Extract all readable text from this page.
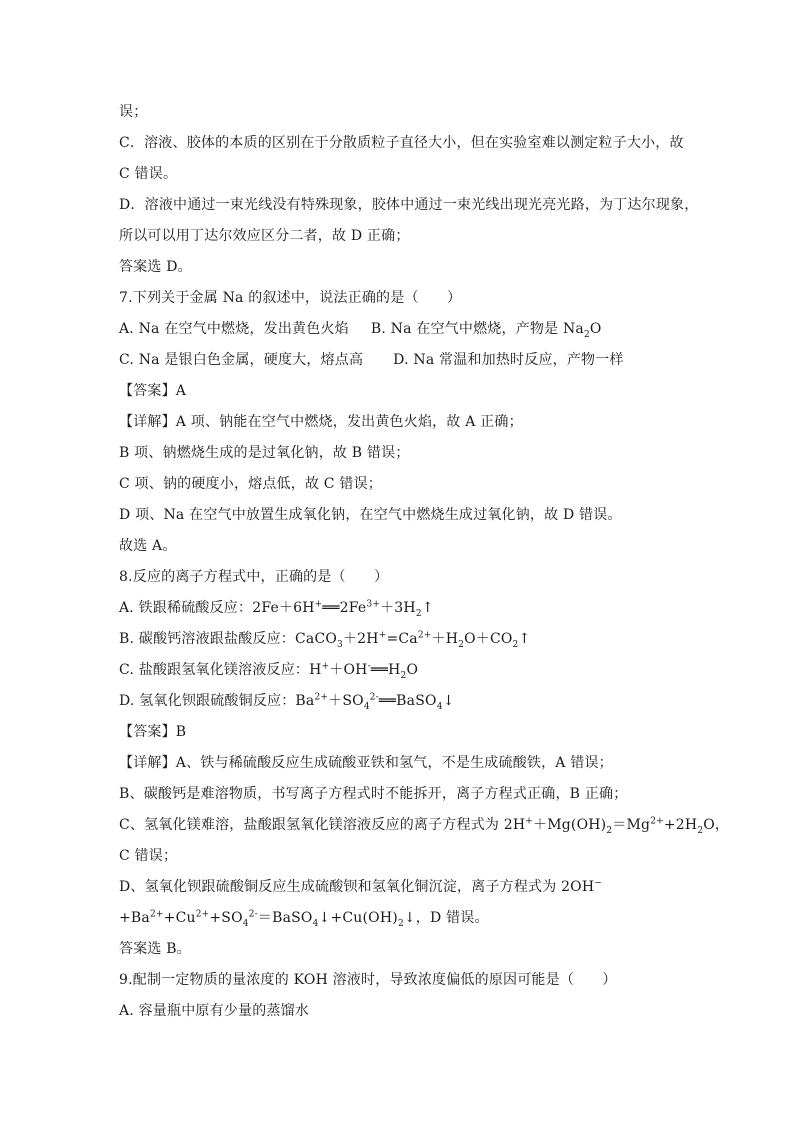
误；
C．溶液、胶体的本质的区别在于分散质粒子直径大小，但在实验室难以测定粒子大小，故
C 错误。
D．溶液中通过一束光线没有特殊现象，胶体中通过一束光线出现光亮光路，为丁达尔现象，
所以可以用丁达尔效应区分二者，故 D 正确；
答案选 D。
7.下列关于金属 Na 的叙述中，说法正确的是（　　）
A. Na 在空气中燃烧，发出黄色火焰 B. Na 在空气中燃烧，产物是 $Na_2O$
C. Na 是银白色金属，硬度大，熔点高 D. Na 常温和加热时反应，产物一样
【答案】A
【详解】A 项、钠能在空气中燃烧，发出黄色火焰，故 A 正确；
B 项、钠燃烧生成的是过氧化钠，故 B 错误；
C 项、钠的硬度小，熔点低，故 C 错误；
D 项、Na 在空气中放置生成氧化钠，在空气中燃烧生成过氧化钠，故 D 错误。
故选 A。
8.反应的离子方程式中，正确的是（　　）
A. 铁跟稀硫酸反应：$2Fe+6H^+══2Fe^{3+}+3H_2↑$
B. 碳酸钙溶液跟盐酸反应：$CaCO_3+2H^+=Ca^{2+}+H_2O+CO_2↑$
C. 盐酸跟氢氧化镁溶液反应：$H^++OH^-══H_2O$
D. 氢氧化钡跟硫酸铜反应：$Ba^{2+}+SO_4^{2-}══BaSO_4↓$
【答案】B
【详解】A、铁与稀硫酸反应生成硫酸亚铁和氢气，不是生成硫酸铁，A 错误；
B、碳酸钙是难溶物质，书写离子方程式时不能拆开，离子方程式正确，B 正确；
C、氢氧化镁难溶，盐酸跟氢氧化镁溶液反应的离子方程式为 $2H^++Mg(OH)_2=Mg^{2+}+2H_2O$，
C 错误；
D、氢氧化钡跟硫酸铜反应生成硫酸钡和氢氧化铜沉淀，离子方程式为 2OH−
$+Ba^{2+}+Cu^{2+}+SO_4^{2-}=BaSO_4↓+Cu(OH)_2↓$，D 错误。
答案选 B。
9.配制一定物质的量浓度的 KOH 溶液时，导致浓度偏低的原因可能是（　　）
A. 容量瓶中原有少量的蒸馏水
